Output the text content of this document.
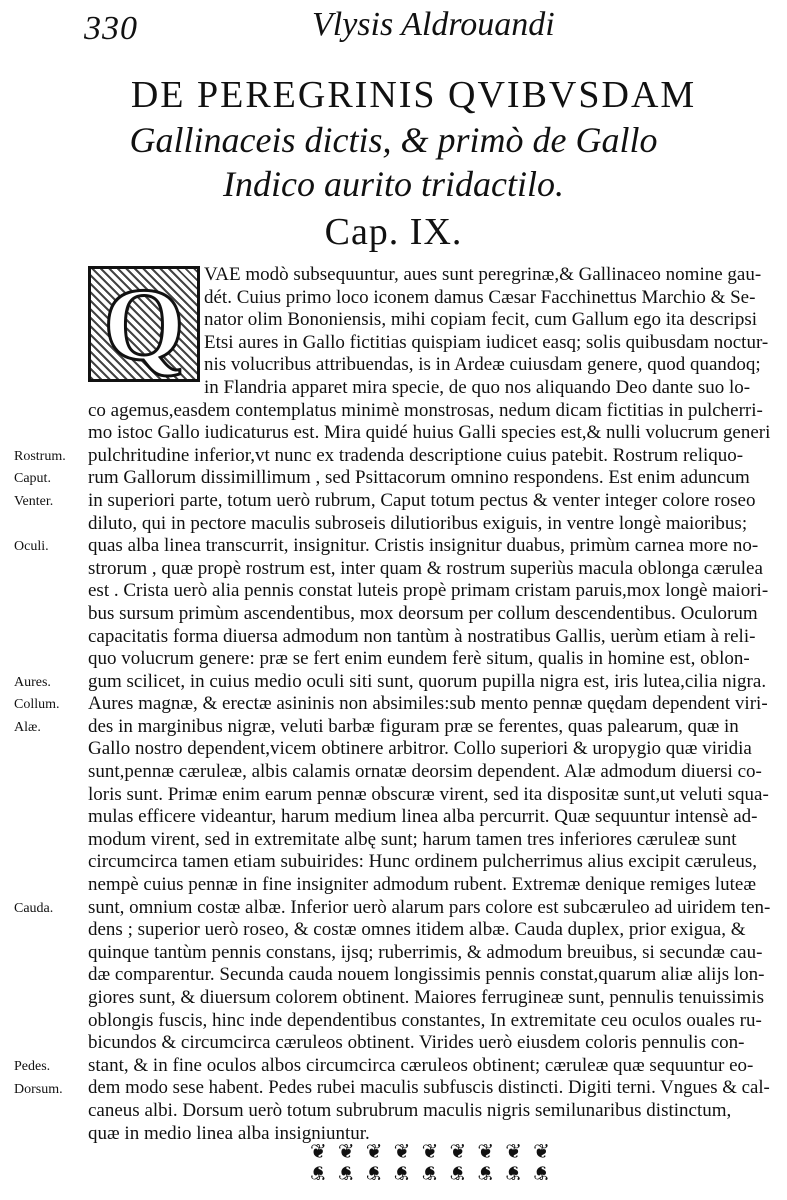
330	Vlysis Aldrouandi
DE PEREGRINIS QVIBVSDAM
Gallinaceis dictis, & primò de Gallo
Indico aurito tridactilo.
Cap. IX.
Rostrum.
Caput.
Venter.
Oculi.
Aures.
Collum.
Alæ.
Cauda.
Pedes.
Dorsum.
Q	VAE modò subsequuntur, aues sunt peregrinæ,& Gallinaceo nomine gau-
dét. Cuius primo loco iconem damus Cæsar Facchinettus Marchio & Se-
nator olim Bononiensis, mihi copiam fecit, cum Gallum ego ita descripsi
Etsi aures in Gallo fictitias quispiam iudicet easq; solis quibusdam noctur-
nis volucribus attribuendas, is in Ardeæ cuiusdam genere, quod quandoq;
in Flandria apparet mira specie, de quo nos aliquando Deo dante suo lo-
co agemus,easdem contemplatus minimè monstrosas, nedum dicam fictitias in pulcherri-
mo istoc Gallo iudicaturus est. Mira quidé huius Galli species est,& nulli volucrum generi
pulchritudine inferior,vt nunc ex tradenda descriptione cuius patebit. Rostrum reliquo-
rum Gallorum dissimillimum , sed Psittacorum omnino respondens. Est enim aduncum
in superiori parte, totum uerò rubrum, Caput totum pectus & venter integer colore roseo
diluto, qui in pectore maculis subroseis dilutioribus exiguis, in ventre longè maioribus;
quas alba linea transcurrit, insignitur. Cristis insignitur duabus, primùm carnea more no-
strorum , quæ propè rostrum est, inter quam & rostrum superiùs macula oblonga cærulea
est . Crista uerò alia pennis constat luteis propè primam cristam paruis,mox longè maiori-
bus sursum primùm ascendentibus, mox deorsum per collum descendentibus. Oculorum
capacitatis forma diuersa admodum non tantùm à nostratibus Gallis, uerùm etiam à reli-
quo volucrum genere: præ se fert enim eundem ferè situm, qualis in homine est, oblon-
gum scilicet, in cuius medio oculi siti sunt, quorum pupilla nigra est, iris lutea,cilia nigra.
Aures magnæ, & erectæ asininis non absimiles:sub mento pennæ quędam dependent viri-
des in marginibus nigræ, veluti barbæ figuram præ se ferentes, quas palearum, quæ in
Gallo nostro dependent,vicem obtinere arbitror. Collo superiori & uropygio quæ viridia
sunt,pennæ cæruleæ, albis calamis ornatæ deorsim dependent. Alæ admodum diuersi co-
loris sunt. Primæ enim earum pennæ obscuræ virent, sed ita dispositæ sunt,ut veluti squa-
mulas efficere videantur, harum medium linea alba percurrit. Quæ sequuntur intensè ad-
modum virent, sed in extremitate albę sunt; harum tamen tres inferiores cæruleæ sunt
circumcirca tamen etiam subuirides: Hunc ordinem pulcherrimus alius excipit cæruleus,
nempè cuius pennæ in fine insigniter admodum rubent. Extremæ denique remiges luteæ
sunt, omnium costæ albæ. Inferior uerò alarum pars colore est subcæruleo ad uiridem ten-
dens ; superior uerò roseo, & costæ omnes itidem albæ. Cauda duplex, prior exigua, &
quinque tantùm pennis constans, ijsq; ruberrimis, & admodum breuibus, si secundæ cau-
dæ comparentur. Secunda cauda nouem longissimis pennis constat,quarum aliæ alijs lon-
giores sunt, & diuersum colorem obtinent. Maiores ferrugineæ sunt, pennulis tenuissimis
oblongis fuscis, hinc inde dependentibus constantes, In extremitate ceu oculos ouales ru-
bicundos & circumcirca cæruleos obtinent. Virides uerò eiusdem coloris pennulis con-
stant, & in fine oculos albos circumcirca cæruleos obtinent; cæruleæ quæ sequuntur eo-
dem modo sese habent. Pedes rubei maculis subfuscis distincti. Digiti terni. Vngues & cal-
caneus albi. Dorsum uerò totum subrubrum maculis nigris semilunaribus distinctum,
quæ in medio linea alba insigniuntur.
❦ ❦ ❦ ❦ ❦ ❦ ❦ ❦ ❦
❦ ❦ ❦ ❦ ❦ ❦ ❦ ❦ ❦
